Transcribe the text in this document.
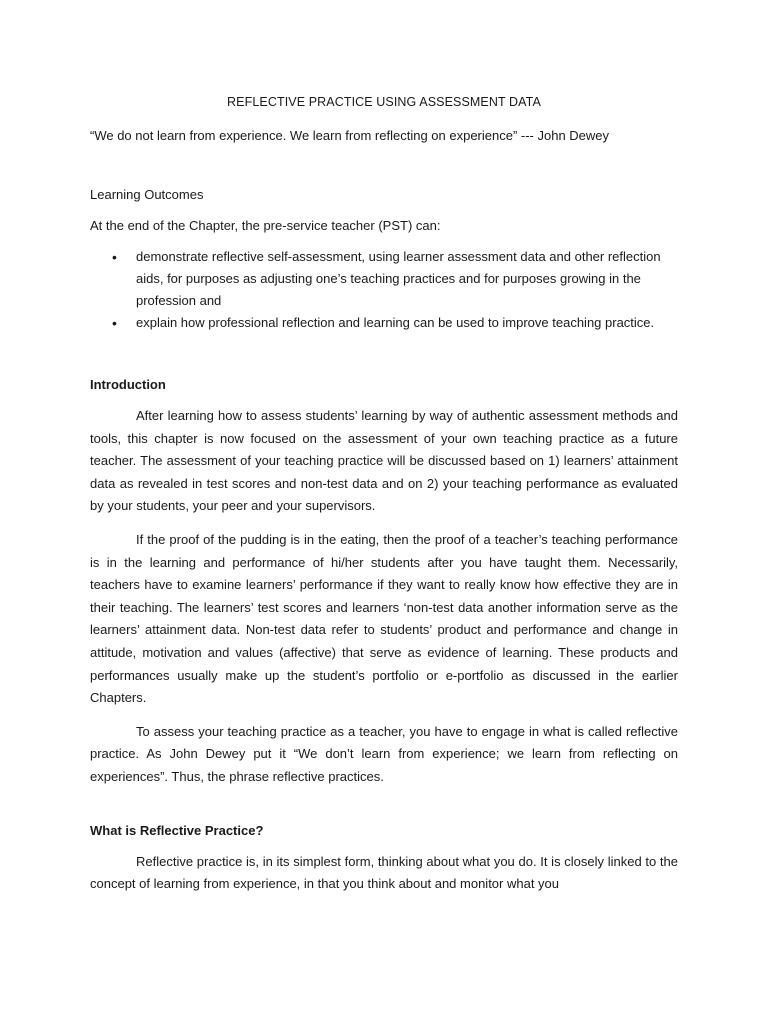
REFLECTIVE PRACTICE USING ASSESSMENT DATA

“We do not learn from experience. We learn from reflecting on experience” --- John Dewey

Learning Outcomes

At the end of the Chapter, the pre-service teacher (PST) can:

• demonstrate reflective self-assessment, using learner assessment data and other reflection aids, for purposes as adjusting one’s teaching practices and for purposes growing in the profession and
• explain how professional reflection and learning can be used to improve teaching practice.

Introduction

After learning how to assess students’ learning by way of authentic assessment methods and tools, this chapter is now focused on the assessment of your own teaching practice as a future teacher. The assessment of your teaching practice will be discussed based on 1) learners’ attainment data as revealed in test scores and non-test data and on 2) your teaching performance as evaluated by your students, your peer and your supervisors.

If the proof of the pudding is in the eating, then the proof of a teacher’s teaching performance is in the learning and performance of hi/her students after you have taught them. Necessarily, teachers have to examine learners’ performance if they want to really know how effective they are in their teaching. The learners’ test scores and learners ‘non-test data another information serve as the learners’ attainment data. Non-test data refer to students’ product and performance and change in attitude, motivation and values (affective) that serve as evidence of learning. These products and performances usually make up the student’s portfolio or e-portfolio as discussed in the earlier Chapters.

To assess your teaching practice as a teacher, you have to engage in what is called reflective practice. As John Dewey put it “We don’t learn from experience; we learn from reflecting on experiences”. Thus, the phrase reflective practices.

What is Reflective Practice?

Reflective practice is, in its simplest form, thinking about what you do. It is closely linked to the concept of learning from experience, in that you think about and monitor what you
